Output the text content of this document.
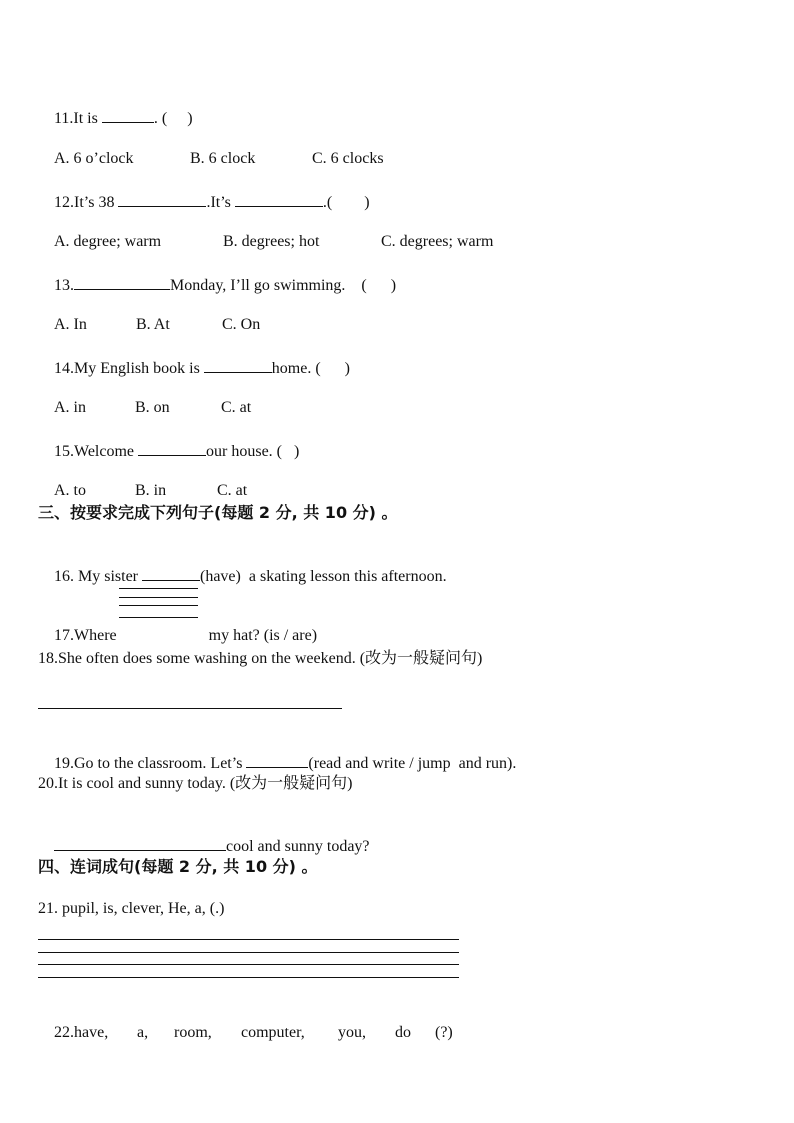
11.It is	. (     )

A. 6 o’clock	B. 6 clock	C. 6 clocks

12.It’s 38	.It’s	.(        )

A. degree; warm	B. degrees; hot	C. degrees; warm

13.	Monday, I’ll go swimming.    (      )

A. In	B. At	C. On

14.My English book is	home. (      )

A. in	B. on	C. at

15.Welcome	our house. (   )

A. to	B. in	C. at

三、按要求完成下列句子(每题 2 分, 共 10 分) 。

16. My sister	(have)  a skating lesson this afternoon.

17.Where	my hat? (is / are)

18.She often does some washing on the weekend. (改为一般疑问句)

19.Go to the classroom. Let’s	(read and write / jump  and run).

20.It is cool and sunny today. (改为一般疑问句)

cool and sunny today?

四、连词成句(每题 2 分, 共 10 分) 。
21. pupil, is, clever, He, a, (.)

22.have, a, room, computer, you, do (?)
